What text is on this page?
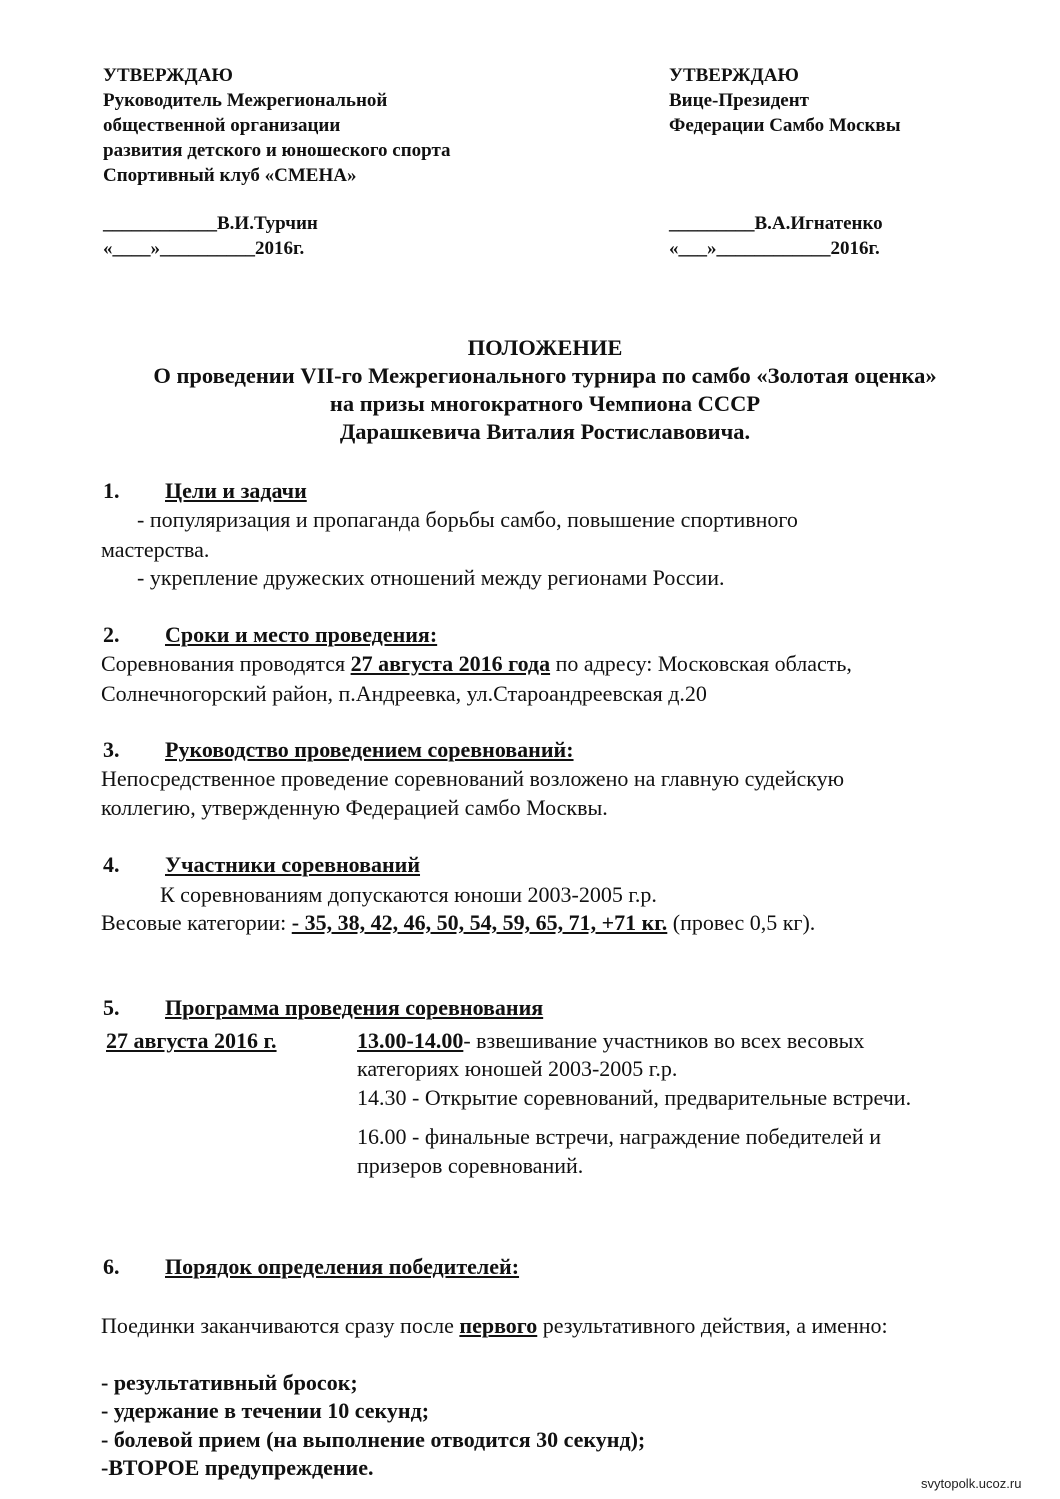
УТВЕРЖДАЮ
Руководитель Межрегиональной
общественной организации
развития детского и юношеского спорта
Спортивный клуб «СМЕНА»
____________В.И.Турчин
«____»__________2016г.
УТВЕРЖДАЮ
Вице-Президент
Федерации Самбо Москвы
_________В.А.Игнатенко
«___»____________2016г.
ПОЛОЖЕНИЕ
О проведении VII-го Межрегионального турнира по самбо «Золотая оценка»
на призы многократного Чемпиона СССР
Дарашкевича Виталия Ростиславовича.
1. Цели и задачи
- популяризация и пропаганда борьбы самбо, повышение спортивного
мастерства.
- укрепление дружеских отношений между регионами России.
2. Сроки и место проведения:
Соревнования проводятся 27 августа 2016 года по адресу: Московская область,
Солнечногорский район, п.Андреевка, ул.Староандреевская д.20
3. Руководство проведением соревнований:
Непосредственное проведение соревнований возложено на главную судейскую
коллегию, утвержденную Федерацией самбо Москвы.
4. Участники соревнований
К соревнованиям допускаются юноши 2003-2005 г.р.
Весовые категории: - 35, 38, 42, 46, 50, 54, 59, 65, 71, +71 кг. (провес 0,5 кг).
5. Программа проведения соревнования
27 августа 2016 г.	13.00-14.00- взвешивание участников во всех весовых
категориях юношей 2003-2005 г.р.
14.30 - Открытие соревнований, предварительные встречи.
16.00 - финальные встречи, награждение победителей и
призеров соревнований.
6. Порядок определения победителей:
Поединки заканчиваются сразу после первого результативного действия, а именно:
- результативный бросок;
- удержание в течении 10 секунд;
- болевой прием (на выполнение отводится 30 секунд);
-ВТОРОЕ предупреждение.
svytopolk.ucoz.ru
